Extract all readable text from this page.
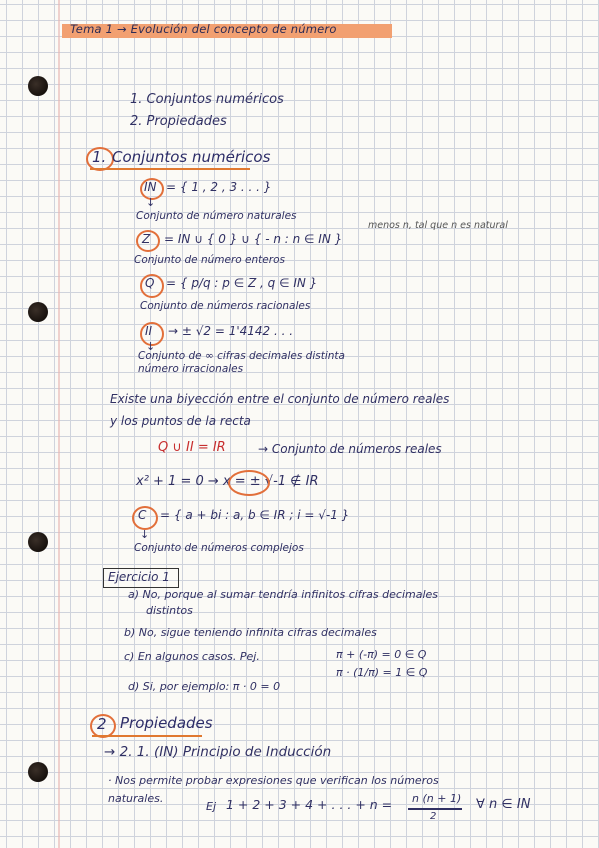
Tema 1 → Evolución del concepto de número
1. Conjuntos numéricos
2. Propiedades
1. Conjuntos numéricos
IN = { 1 , 2 , 3 . . . }
↓
Conjunto de número naturales
menos n, tal que n es natural
Z = IN ∪ { 0 } ∪ { - n : n ∈ IN }
Conjunto de número enteros
Q = { p/q : p ∈ Z , q ∈ IN }
Conjunto de números racionales
II → ± √2 = 1'4142 . . .
↓
Conjunto de ∞ cifras decimales distinta
número irracionales
Existe una biyección entre el conjunto de número reales
y los puntos de la recta
Q ∪ II = IR	→ Conjunto de números reales
x² + 1 = 0 → x = ± √-1 ∉ IR
C = { a + bi : a, b ∈ IR ; i = √-1 }
↓
Conjunto de números complejos
Ejercicio 1
a) No, porque al sumar tendría infinitos cifras decimales
distintos
b) No, sigue teniendo infinita cifras decimales
c) En algunos casos. Pej.	π + (-π) = 0 ∈ Q
π · (1/π) = 1 ∈ Q
d) Si, por ejemplo: π · 0 = 0
2 Propiedades
→ 2. 1. (IN) Principio de Inducción
· Nos permite probar expresiones que verifican los números
naturales.
Ej 1 + 2 + 3 + 4 + . . . + n = n (n + 1)
2
∀ n ∈ IN
